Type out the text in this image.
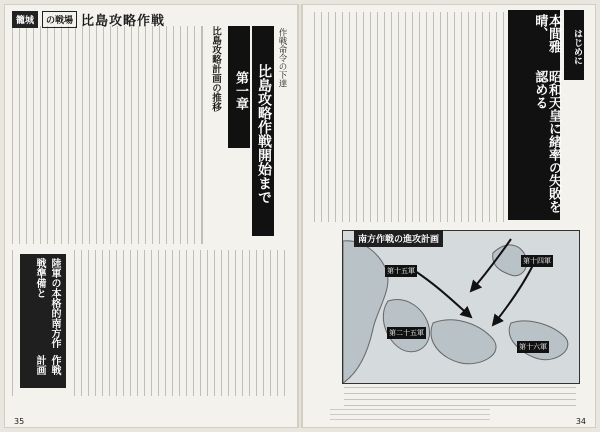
籠城	の戦場 比島攻略作戦
比島攻略計画の推移 第一章 比島攻略作戦開始まで
作戦命令の下達
陸軍の本格的南方作戦準備と
作戦計画
35
はじめに
本間雅晴、
昭和天皇に緒率の失敗を認める
第十四軍
第十五軍
第十六軍
第二十五軍
南方作戦の進攻計画
34
